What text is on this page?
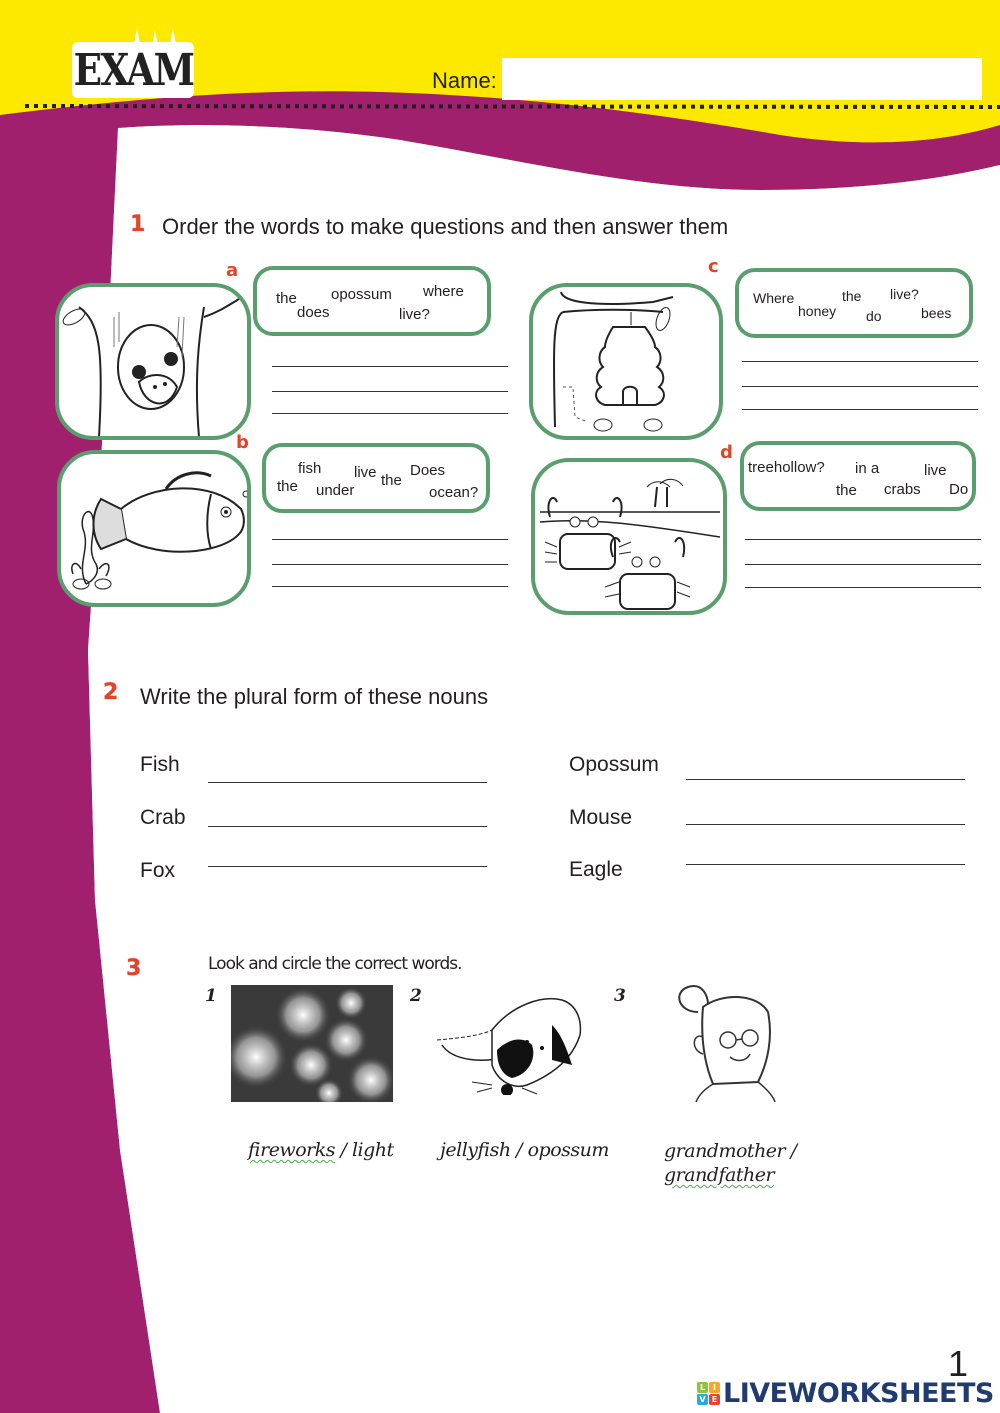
EXAM	Name:
1 Order the words to make questions and then answer them
a
the opossum where
does	live?
b
fish live Does
the under
the
ocean?
c
Where	the live?
honey do	bees
d
treehollow? in a	live
the crabs Do
2 Write the plural form of these nouns
Fish
Crab
Fox
Opossum
Mouse
Eagle
3	Look and circle the correct words.
1	2	3
fireworks / light jellyfish / opossum	grandmother /
grandfather
1
L I
V E LIVEWORKSHEETS
